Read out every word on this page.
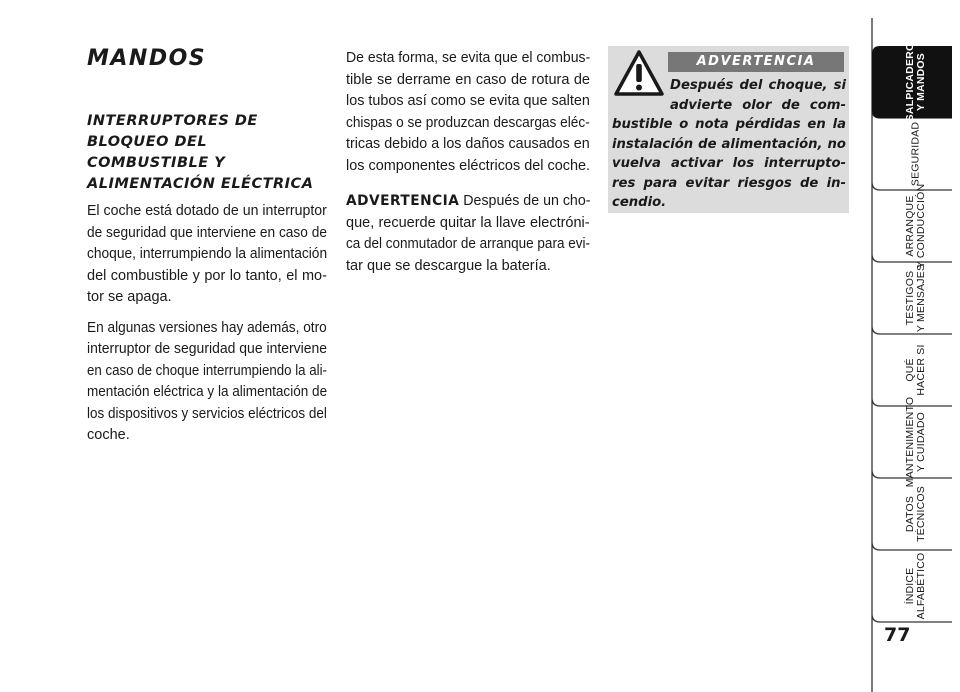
MANDOS
INTERRUPTORES DE
BLOQUEO DEL
COMBUSTIBLE Y
ALIMENTACIÓN ELÉCTRICA

El coche está dotado de un interruptor
de seguridad que interviene en caso de
choque, interrumpiendo la alimentación
del combustible y por lo tanto, el mo-
tor se apaga.

En algunas versiones hay además, otro
interruptor de seguridad que interviene
en caso de choque interrumpiendo la ali-
mentación eléctrica y la alimentación de
los dispositivos y servicios eléctricos del
coche.

De esta forma, se evita que el combus-
tible se derrame en caso de rotura de
los tubos así como se evita que salten
chispas o se produzcan descargas eléc-
tricas debido a los daños causados en
los componentes eléctricos del coche.

ADVERTENCIA Después de un cho-
que, recuerde quitar la llave electróni-
ca del conmutador de arranque para evi-
tar que se descargue la batería.

ADVERTENCIA
Después del choque, si
advierte olor de com-
bustible o nota pérdidas en la
instalación de alimentación, no
vuelva activar los interrupto-
res para evitar riesgos de in-
cendio.
SALPICADERO Y MANDOS
SEGURIDAD
ARRANQUE Y CONDUCCIÓN
TESTIGOS Y MENSAJES
QUÉ HACER SI
MANTENIMIENTO Y CUIDADO
DATOS TÉCNICOS
ÍNDICE ALFABÉTICO
77
